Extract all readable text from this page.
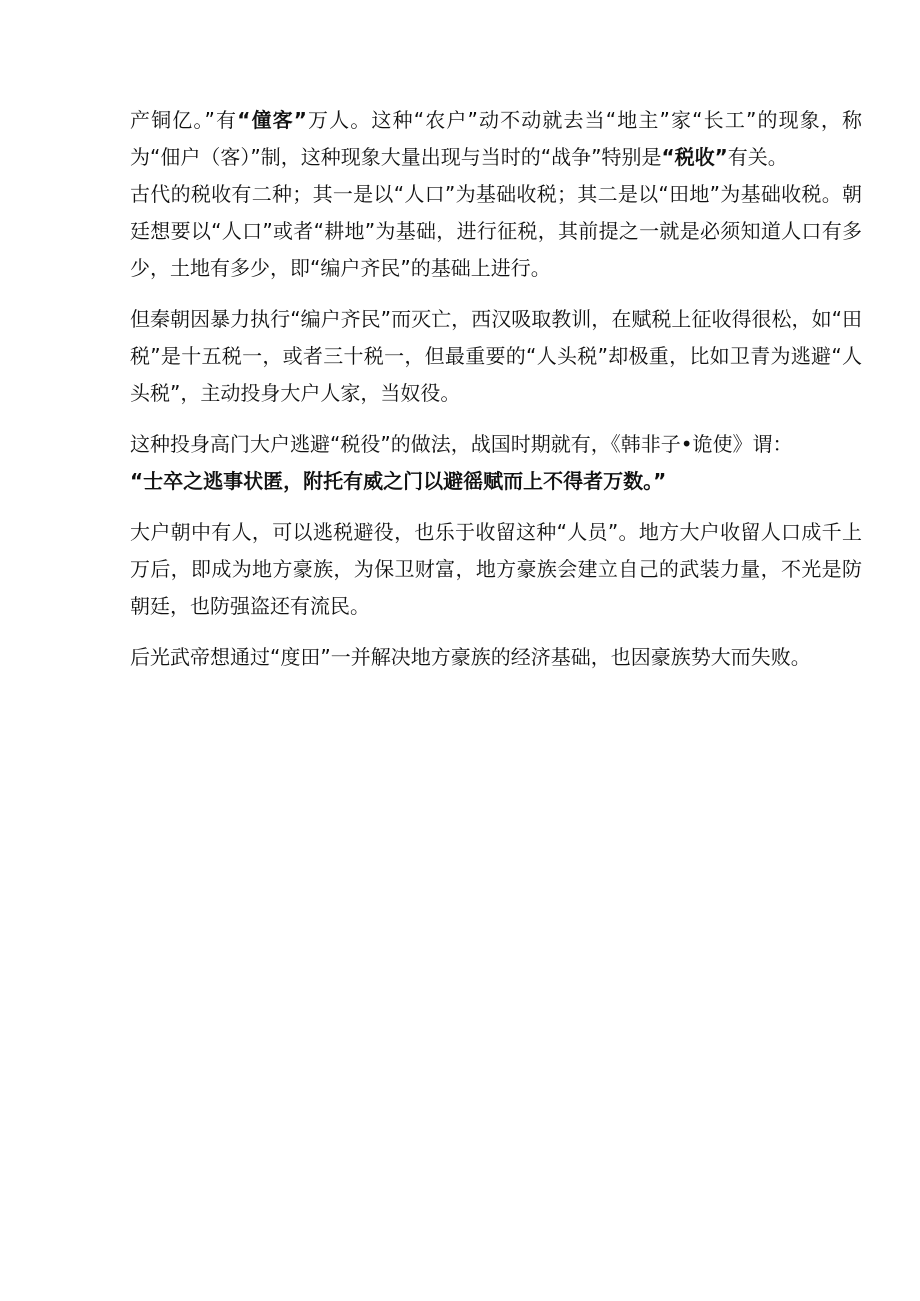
产铜亿。”有“僮客”万人。这种“农户”动不动就去当“地主”家“长工”的现象，称为“佃户（客）”制，这种现象大量出现与当时的“战争”特别是“税收”有关。

古代的税收有二种；其一是以“人口”为基础收税；其二是以“田地”为基础收税。朝廷想要以“人口”或者“耕地”为基础，进行征税，其前提之一就是必须知道人口有多少，土地有多少，即“编户齐民”的基础上进行。

但秦朝因暴力执行“编户齐民”而灭亡，西汉吸取教训，在赋税上征收得很松，如“田税”是十五税一，或者三十税一，但最重要的“人头税”却极重，比如卫青为逃避“人头税”，主动投身大户人家，当奴役。

这种投身高门大户逃避“税役”的做法，战国时期就有，《韩非子•诡使》谓：

“士卒之逃事状匿，附托有威之门以避徭赋而上不得者万数。”

大户朝中有人，可以逃税避役，也乐于收留这种“人员”。地方大户收留人口成千上万后，即成为地方豪族，为保卫财富，地方豪族会建立自己的武装力量，不光是防朝廷，也防强盗还有流民。

后光武帝想通过“度田”一并解决地方豪族的经济基础，也因豪族势大而失败。
